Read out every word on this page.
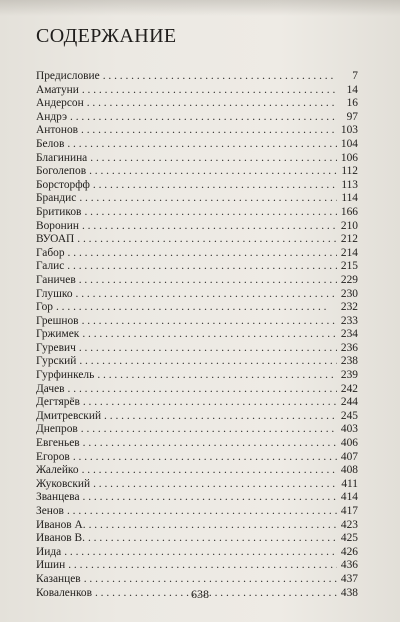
СОДЕРЖАНИЕ
Предисловие . . .	7
Аматуни . . .	14
Андерсон . . .	16
Андрэ . . .	97
Антонов . . .	103
Белов . . .	104
Благинина . . .	106
Боголепов . . .	112
Борсторфф . . .	113
Брандис . . .	114
Бритиков . . .	166
Воронин . . .	210
ВУОАП . . .	212
Габор . . .	214
Галис . . .	215
Ганичев . . .	229
Глушко . . .	230
Гор . . .	232
Грешнов . . .	233
Гржимек . . .	234
Гуревич . . .	236
Гурский . . .	238
Гурфинкель . . .	239
Дачев . . .	242
Дегтярёв . . .	244
Дмитревский . . .	245
Днепров . . .	403
Евгеньев . . .	406
Егоров . . .	407
Жалейко . . .	408
Жуковский . . .	411
Званцева . . .	414
Зенов . . .	417
Иванов А. . . .	423
Иванов В. . . .	425
Иида . . .	426
Ишин . . .	436
Казанцев . . .	437
Коваленков . . .	438
638
